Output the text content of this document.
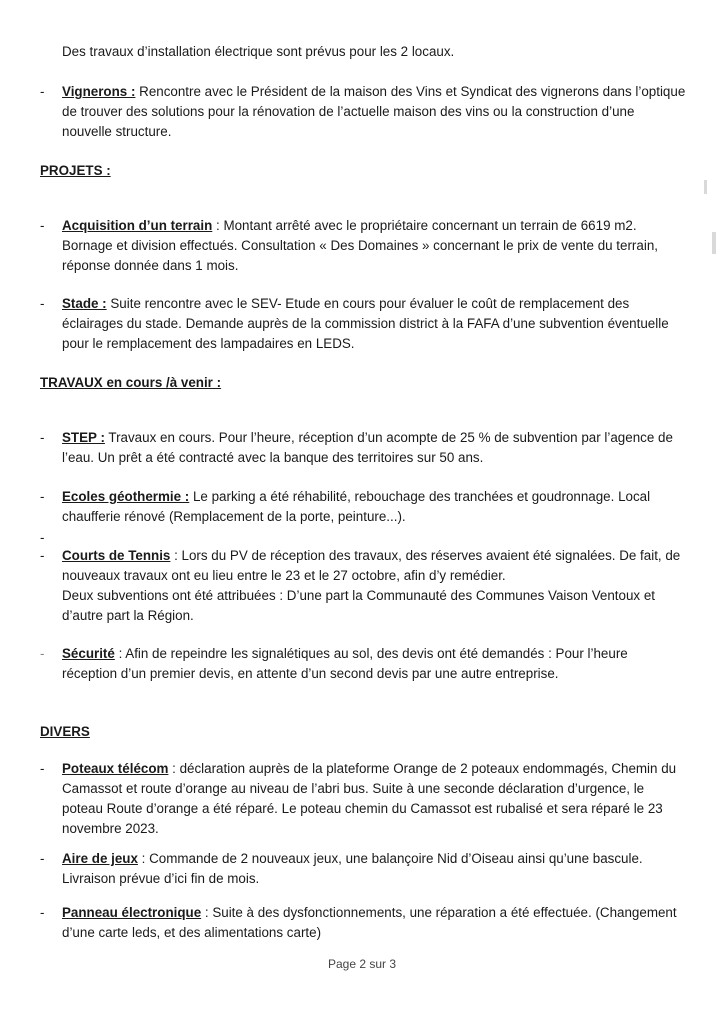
Des travaux d’installation électrique sont prévus pour les 2 locaux.
-	Vignerons : Rencontre avec le Président de la maison des Vins et Syndicat des vignerons dans l’optique
de trouver des solutions pour la rénovation de l’actuelle maison des vins ou la construction d’une
nouvelle structure.
PROJETS :
-	Acquisition d’un terrain : Montant arrêté avec le propriétaire concernant un terrain de 6619 m2.
Bornage et division effectués. Consultation « Des Domaines » concernant le prix de vente du terrain,
réponse donnée dans 1 mois.
-	Stade : Suite rencontre avec le SEV- Etude en cours pour évaluer le coût de remplacement des
éclairages du stade. Demande auprès de la commission district à la FAFA d’une subvention éventuelle
pour le remplacement des lampadaires en LEDS.
TRAVAUX en cours /à venir :
-	STEP : Travaux en cours. Pour l’heure, réception d’un acompte de 25 % de subvention par l’agence de
l’eau. Un prêt a été contracté avec la banque des territoires sur 50 ans.
-	Ecoles géothermie : Le parking a été réhabilité, rebouchage des tranchées et goudronnage. Local
chaufferie rénové (Remplacement de la porte, peinture...).
-
-	Courts de Tennis : Lors du PV de réception des travaux, des réserves avaient été signalées. De fait, de
nouveaux travaux ont eu lieu entre le 23 et le 27 octobre, afin d’y remédier.
Deux subventions ont été attribuées : D’une part la Communauté des Communes Vaison Ventoux et
d’autre part la Région.
-	Sécurité : Afin de repeindre les signalétiques au sol, des devis ont été demandés : Pour l’heure
réception d’un premier devis, en attente d’un second devis par une autre entreprise.
DIVERS
-	Poteaux télécom : déclaration auprès de la plateforme Orange de 2 poteaux endommagés, Chemin du
Camassot et route d’orange au niveau de l’abri bus. Suite à une seconde déclaration d’urgence, le
poteau Route d’orange a été réparé. Le poteau chemin du Camassot est rubalisé et sera réparé le 23
novembre 2023.
-	Aire de jeux : Commande de 2 nouveaux jeux, une balançoire Nid d’Oiseau ainsi qu’une bascule.
Livraison prévue d’ici fin de mois.
-	Panneau électronique : Suite à des dysfonctionnements, une réparation a été effectuée. (Changement
d’une carte leds, et des alimentations carte)
Page 2 sur 3
